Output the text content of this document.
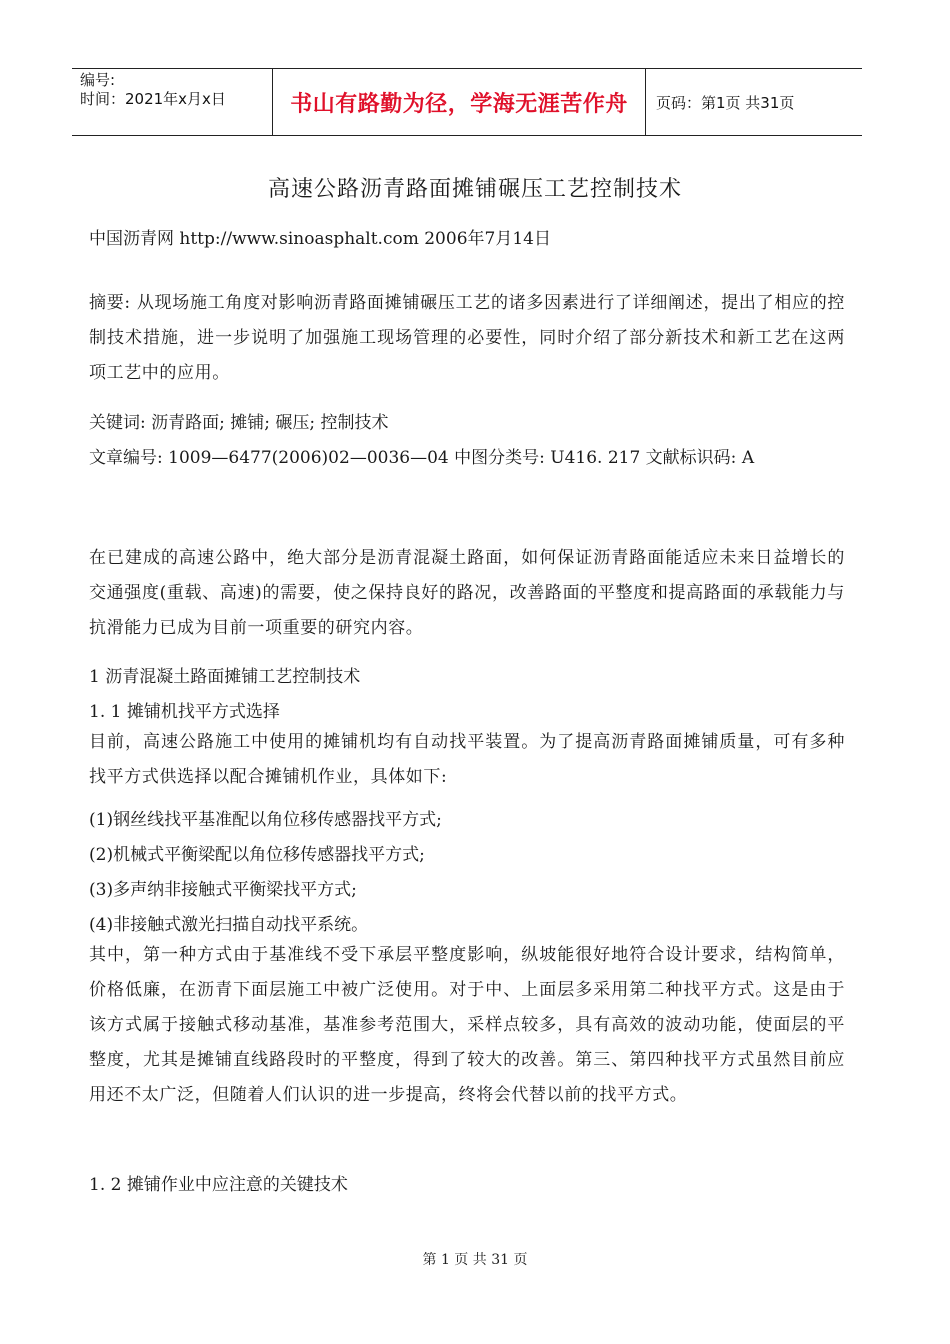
编号:
时间：2021年x月x日	书山有路勤为径，学海无涯苦作舟	页码：第1页 共31页
高速公路沥青路面摊铺碾压工艺控制技术
中国沥青网 http://www.sinoasphalt.com 2006年7月14日
摘要: 从现场施工角度对影响沥青路面摊铺碾压工艺的诸多因素进行了详细阐述，提出了相应的控制技术措施，进一步说明了加强施工现场管理的必要性，同时介绍了部分新技术和新工艺在这两项工艺中的应用。
关键词: 沥青路面; 摊铺; 碾压; 控制技术
文章编号: 1009—6477(2006)02—0036—04 中图分类号: U416. 217 文献标识码: A
在已建成的高速公路中，绝大部分是沥青混凝土路面，如何保证沥青路面能适应未来日益增长的交通强度(重载、高速)的需要，使之保持良好的路况，改善路面的平整度和提高路面的承载能力与抗滑能力已成为目前一项重要的研究内容。
1 沥青混凝土路面摊铺工艺控制技术
1. 1 摊铺机找平方式选择
目前，高速公路施工中使用的摊铺机均有自动找平装置。为了提高沥青路面摊铺质量，可有多种找平方式供选择以配合摊铺机作业，具体如下:
(1)钢丝线找平基准配以角位移传感器找平方式;
(2)机械式平衡梁配以角位移传感器找平方式;
(3)多声纳非接触式平衡梁找平方式;
(4)非接触式激光扫描自动找平系统。
其中，第一种方式由于基准线不受下承层平整度影响，纵坡能很好地符合设计要求，结构简单，价格低廉，在沥青下面层施工中被广泛使用。对于中、上面层多采用第二种找平方式。这是由于该方式属于接触式移动基准，基准参考范围大，采样点较多，具有高效的波动功能，使面层的平整度，尤其是摊铺直线路段时的平整度，得到了较大的改善。第三、第四种找平方式虽然目前应用还不太广泛，但随着人们认识的进一步提高，终将会代替以前的找平方式。
1. 2 摊铺作业中应注意的关键技术
第 1 页 共 31 页
